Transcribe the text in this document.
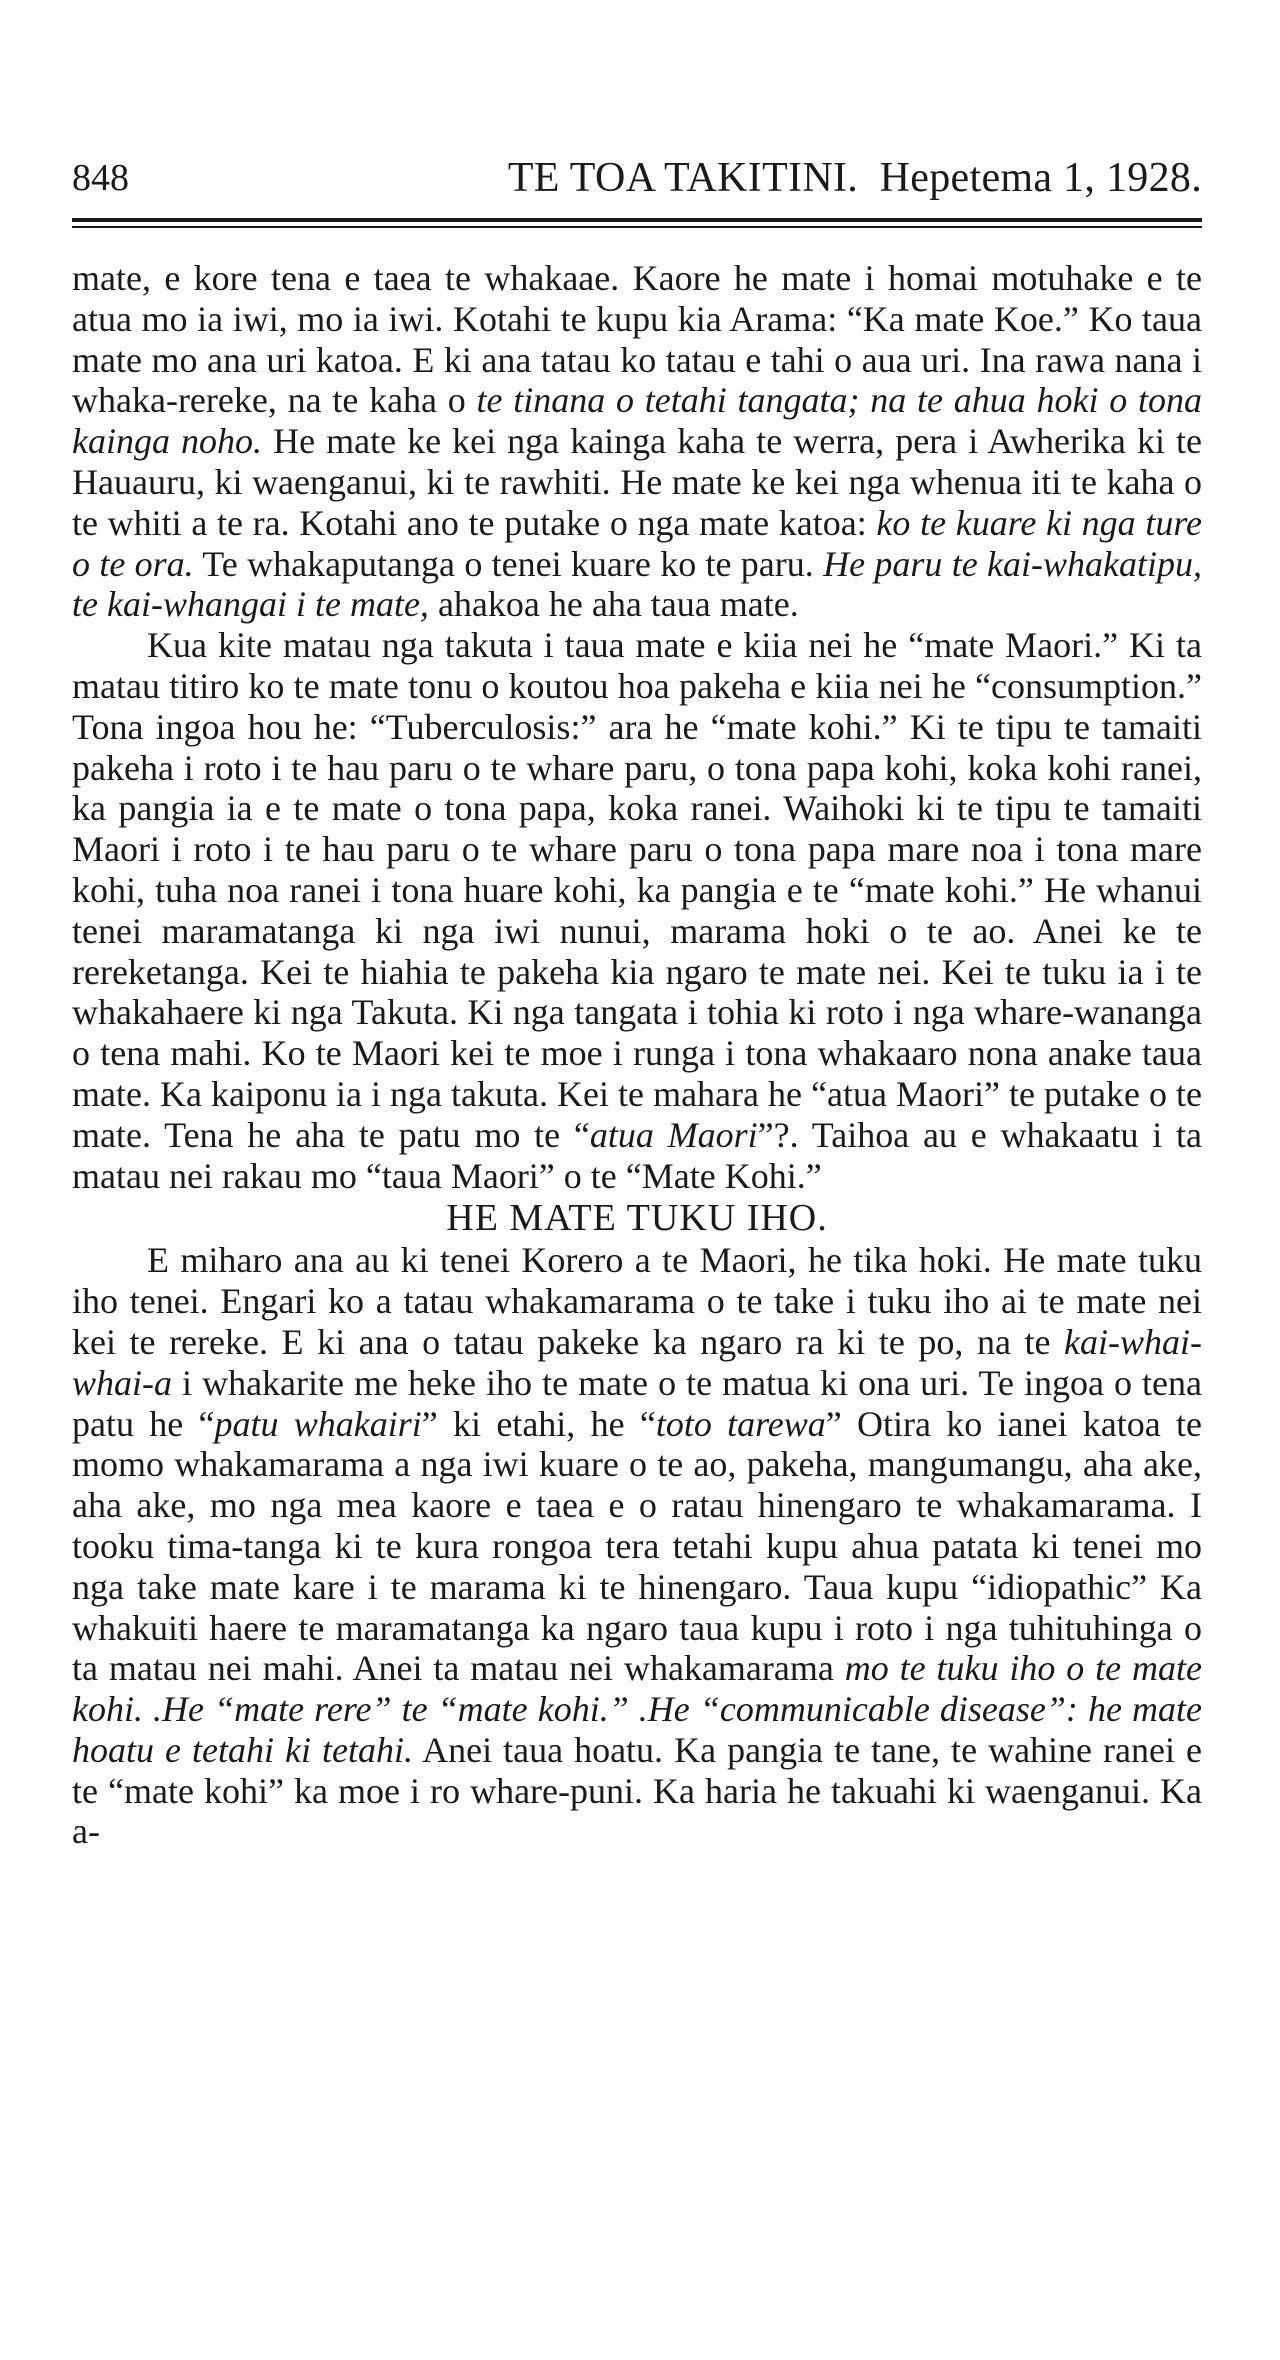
848	TE TOA TAKITINI. Hepetema 1, 1928.

mate, e kore tena e taea te whakaae. Kaore he mate i homai motuhake e te atua mo ia iwi, mo ia iwi. Kotahi te kupu kia Arama: “Ka mate Koe.” Ko taua mate mo ana uri katoa. E ki ana tatau ko tatau e tahi o aua uri. Ina rawa nana i whaka-rereke, na te kaha o te tinana o tetahi tangata; na te ahua hoki o tona kainga noho. He mate ke kei nga kainga kaha te werra, pera i Awherika ki te Hauauru, ki waenganui, ki te rawhiti. He mate ke kei nga whenua iti te kaha o te whiti a te ra. Kotahi ano te putake o nga mate katoa: ko te kuare ki nga ture o te ora. Te whakaputanga o tenei kuare ko te paru. He paru te kai-whakatipu, te kai-whangai i te mate, ahakoa he aha taua mate.

Kua kite matau nga takuta i taua mate e kiia nei he “mate Maori.” Ki ta matau titiro ko te mate tonu o koutou hoa pakeha e kiia nei he “consumption.” Tona ingoa hou he: “Tuberculosis:” ara he “mate kohi.” Ki te tipu te tamaiti pakeha i roto i te hau paru o te whare paru, o tona papa kohi, koka kohi ranei, ka pangia ia e te mate o tona papa, koka ranei. Waihoki ki te tipu te tamaiti Maori i roto i te hau paru o te whare paru o tona papa mare noa i tona mare kohi, tuha noa ranei i tona huare kohi, ka pangia e te “mate kohi.” He whanui tenei maramatanga ki nga iwi nunui, marama hoki o te ao. Anei ke te rereketanga. Kei te hiahia te pakeha kia ngaro te mate nei. Kei te tuku ia i te whakahaere ki nga Takuta. Ki nga tangata i tohia ki roto i nga whare-wananga o tena mahi. Ko te Maori kei te moe i runga i tona whakaaro nona anake taua mate. Ka kaiponu ia i nga takuta. Kei te mahara he “atua Maori” te putake o te mate. Tena he aha te patu mo te “atua Maori”?. Taihoa au e whakaatu i ta matau nei rakau mo “taua Maori” o te “Mate Kohi.”

HE MATE TUKU IHO.

E miharo ana au ki tenei Korero a te Maori, he tika hoki. He mate tuku iho tenei. Engari ko a tatau whakamarama o te take i tuku iho ai te mate nei kei te rereke. E ki ana o tatau pakeke ka ngaro ra ki te po, na te kai-whai-whai-a i whakarite me heke iho te mate o te matua ki ona uri. Te ingoa o tena patu he “patu whakairi” ki etahi, he “toto tarewa” Otira ko ianei katoa te momo whakamarama a nga iwi kuare o te ao, pakeha, mangumangu, aha ake, aha ake, mo nga mea kaore e taea e o ratau hinengaro te whakamarama. I tooku tima-tanga ki te kura rongoa tera tetahi kupu ahua patata ki tenei mo nga take mate kare i te marama ki te hinengaro. Taua kupu “idiopathic” Ka whakuiti haere te maramatanga ka ngaro taua kupu i roto i nga tuhituhinga o ta matau nei mahi. Anei ta matau nei whakamarama mo te tuku iho o te mate kohi. .He “mate rere” te “mate kohi.” .He “communicable disease”: he mate hoatu e tetahi ki tetahi. Anei taua hoatu. Ka pangia te tane, te wahine ranei e te “mate kohi” ka moe i ro whare-puni. Ka haria he takuahi ki waenganui. Ka a-
